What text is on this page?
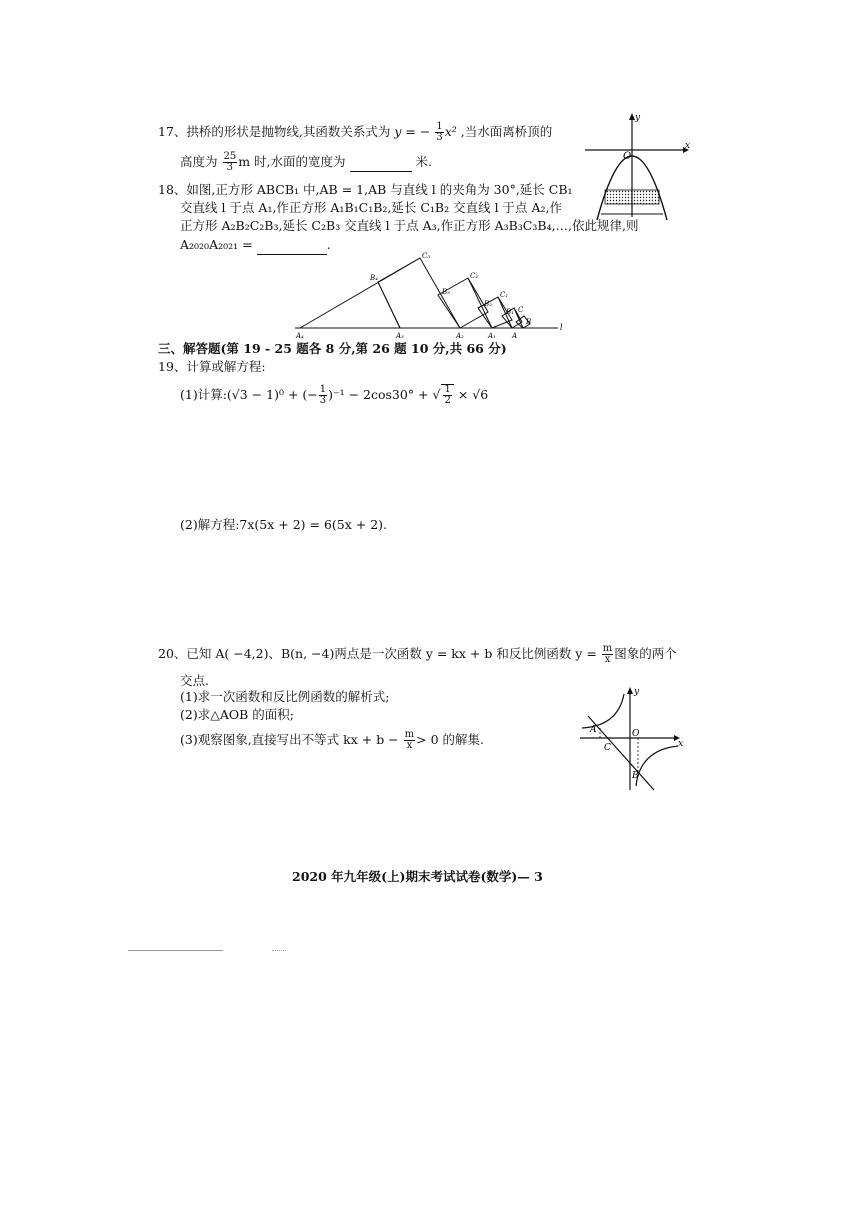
17、拱桥的形状是抛物线,其函数关系式为 y = − $\frac{1}{3} x^2$ ,当水面离桥顶的
高度为 $\frac{25}{3}$ m 时,水面的宽度为	米.
y
x
O
18、如图,正方形 ABCB₁ 中,AB = 1,AB 与直线 l 的夹角为 30°,延长 CB₁
交直线 l 于点 A₁,作正方形 A₁B₁C₁B₂,延长 C₁B₂ 交直线 l 于点 A₂,作
正方形 A₂B₂C₂B₃,延长 C₂B₃ 交直线 l 于点 A₃,作正方形 A₃B₃C₃B₄,…,依此规律,则
A₂₀₂₀A₂₀₂₁ =	.
A₄	A₃	A₂	A₁ A
B
C
B₄
C₃
B₃
C₂
B₂
C₁
B₁
l
三、解答题(第 19 - 25 题各 8 分,第 26 题 10 分,共 66 分)
19、计算或解方程:
(1)计算:(√3 − 1)⁰ + (− $\frac{1}{3} )^{-1} - 2\cos 30^\circ$ + √ $\frac{1}{2} \times √6$
(2)解方程:7x(5x + 2) = 6(5x + 2).
20、已知 A( −4,2)、B(n, −4)两点是一次函数 y = kx + b 和反比例函数 $y = \frac{m}{x}$ 图象的两个
交点.
(1)求一次函数和反比例函数的解析式;
(2)求△AOB 的面积;
(3)观察图象,直接写出不等式 kx + $b - \frac{m}{x} > 0$ 的解集.
y
x
O
A
C
B
2020 年九年级(上)期末考试试卷(数学)— 3
